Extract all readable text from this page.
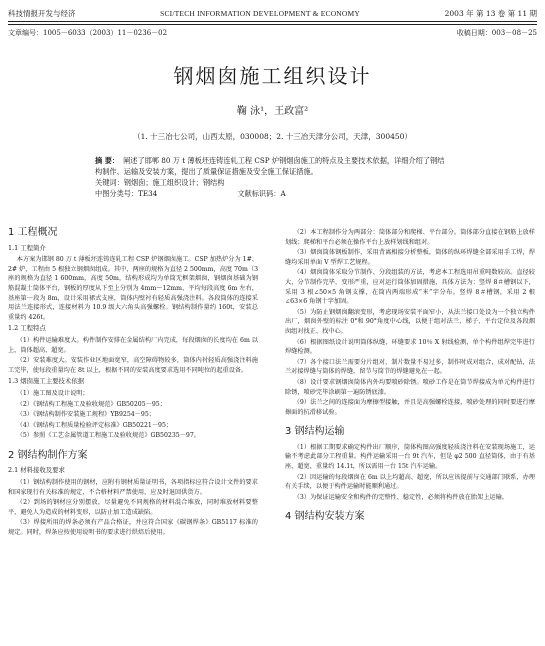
科技情报开发与经济	SCI/TECH INFORMATION DEVELOPMENT & ECONOMY	2003 年 第 13 卷 第 11 期
文章编号：1005－6033（2003）11－0236－02	收稿日期：003－08－25
钢烟囱施工组织设计
鞠 泳¹，王政富²
（1. 十三冶七公司，山西太原，030008；2. 十三冶天津分公司，天津，300450）

摘 要： 阐述了邯郸 80 万 t 薄板坯连铸连轧工程 CSP 炉钢烟囱施工的特点及主要技术依据，详细介绍了钢结构制作、运输及安装方案，提出了质量保证措施及安全施工保证措施。

关键词：钢烟囱；施工组织设计；钢结构

中图分类号：TE34	文献标识码：A
1 工程概况
1.1 工程简介

本方案为邯钢 80 万 t 薄板坯连铸连轧工程 CSP 炉钢烟囱施工。CSP 加热炉分为 1#、2# 炉，工程由 5 根独立钢烟囱组成。其中，两座的规格为直径 2 500mm，高度 70m（3 座的规格为直径 1 600mm，高度 50m，结构形成均为单筒无框架烟囱，钢烟囱基础为钢筋混凝土筒体平台，钢板的厚度从下至上分别为 4mm～12mm，平均每段高度 6m 左右，基座第一段为 8m，设计采用裙式支座，筒体内壁衬有轻质高强浇注料。各段筒体的连接采用法兰连接形式，连接材料为 10.9 级大六角头高强螺栓。钢结构制作量约 160t，安装总重量约 426t。

1.2 工程特点

（1）构件运输难度大。构件制作安排在金属结构厂内完成，每段烟囱的长度均在 6m 以上，筒体超高、超宽。

（2）安装难度大。安装作业区地面宽窄，高空障碍物较多，筒体内衬轻质高强浇注料施工完毕，使每段重量均在 8t 以上，根据不同的安装高度要求选用不同吨位的起重设备。

1.3 烟囱施工主要技术依据

（1）施工图及设计说明；

（2）《钢结构工程施工及验收规范》GB50205－95；

（3）《钢结构制作安装施工规程》YB9254－95；

（4）《钢结构工程质量检验评定标准》GB50221－95；

（5）参照《工艺金属管道工程施工及验收规范》GB50235－97。

2 钢结构制作方案
2.1 材料接收及要求

（1）钢结构制作使用的钢材，应附有钢材质量证明书，各项指标应符合设计文件的要求和国家现行有关标准的规定，不合格材料严禁使用，应及时退回供货方。

（2）到场的钢材应分别摆放，尽量避免不同规格的材料混合堆放，同时堆放材料要整平，避免人为造成的材料变形，以防止加工造成缺陷。

（3）焊接所用的焊条必须有产品合格证，并应符合国家《碳钢焊条》GB5117 标准的规定。同时，焊条应按使用说明书的要求进行烘焙后使用。

（2）本工程制作分为两部分：筒体部分和爬梯、平台部分。筒体部分直接在钢筋上放样划线；爬梯和平台必须在操作平台上放样划线和组对。

（3）烟囱筒体钢板制作，采用背离相接分析整板，筒体的纵环焊缝全部采用手工焊，焊缝均采用单面 V 型焊工艺规程。

（4）烟囱筒体采取分节制作、分段组装的方法，考虑本工程选用吊重吨数较高。直径较大，分节制作完毕，变形严重，应对运行筒体加固措施，具体方法为：竖焊 8＃槽钢以下，采用 3 根∠50×5 角钢支撑，在筒内两端形成“米”字分布。竖焊 8＃槽钢，采用 2 根∠63×6 角钢十字加固。

（5）为防止钢烟囱翻滚变形，考虑现场安装平面窄小，从法兰接口处设为一个独立构件出厂，烟囱外壁的标注 0°和 90°角度中心线，以便于组对法兰、梯子、平台定位及各段烟囱组对找正、找中心。

（6）根据图纸设计说明筒体纵缝、环缝要求 10％ X 射线检测，单个构件组焊完毕进行焊缝检测。

（7）各个接口法兰需要分片组对，制片数量不易过多，制作时成对组合，成对配钻，法兰对接焊缝与筒体的焊缝，留节与筒节的焊缝避免在一起。

（8）设计要求钢烟囱筒体内外均要喷砂除锈。喷砂工作是在筒节焊接成为单元构件进行除锈，喷砂完毕涂刷第一遍防锈底漆。

（9）法兰之间的连接面为摩擦型接触，并且是高强螺栓连接，喷砂处理的同时要进行摩擦面的抗滑移试验。

3 钢结构运输

（1）根据工期要求确定构件出厂顺序，筒体构图高强度轻质浇注料在安装现场施工，运输不考虑此部分工程重量。构件运输采用一台 9t 汽车，但是 φ2 500 直径筒体，由于有基座，超宽，重量约 14.1t，所以需用一台 15t 汽车运输。

（2）因运输的每段烟囱在 6m 以上均超高、超宽，所以应该提前与交通部门联系，办理有关手续，以便于构件运输时能顺利通过。

（3）为保证运输安全和构件的完整性、稳定性，必须将构件放在胎架上运输。

4 钢结构安装方案
